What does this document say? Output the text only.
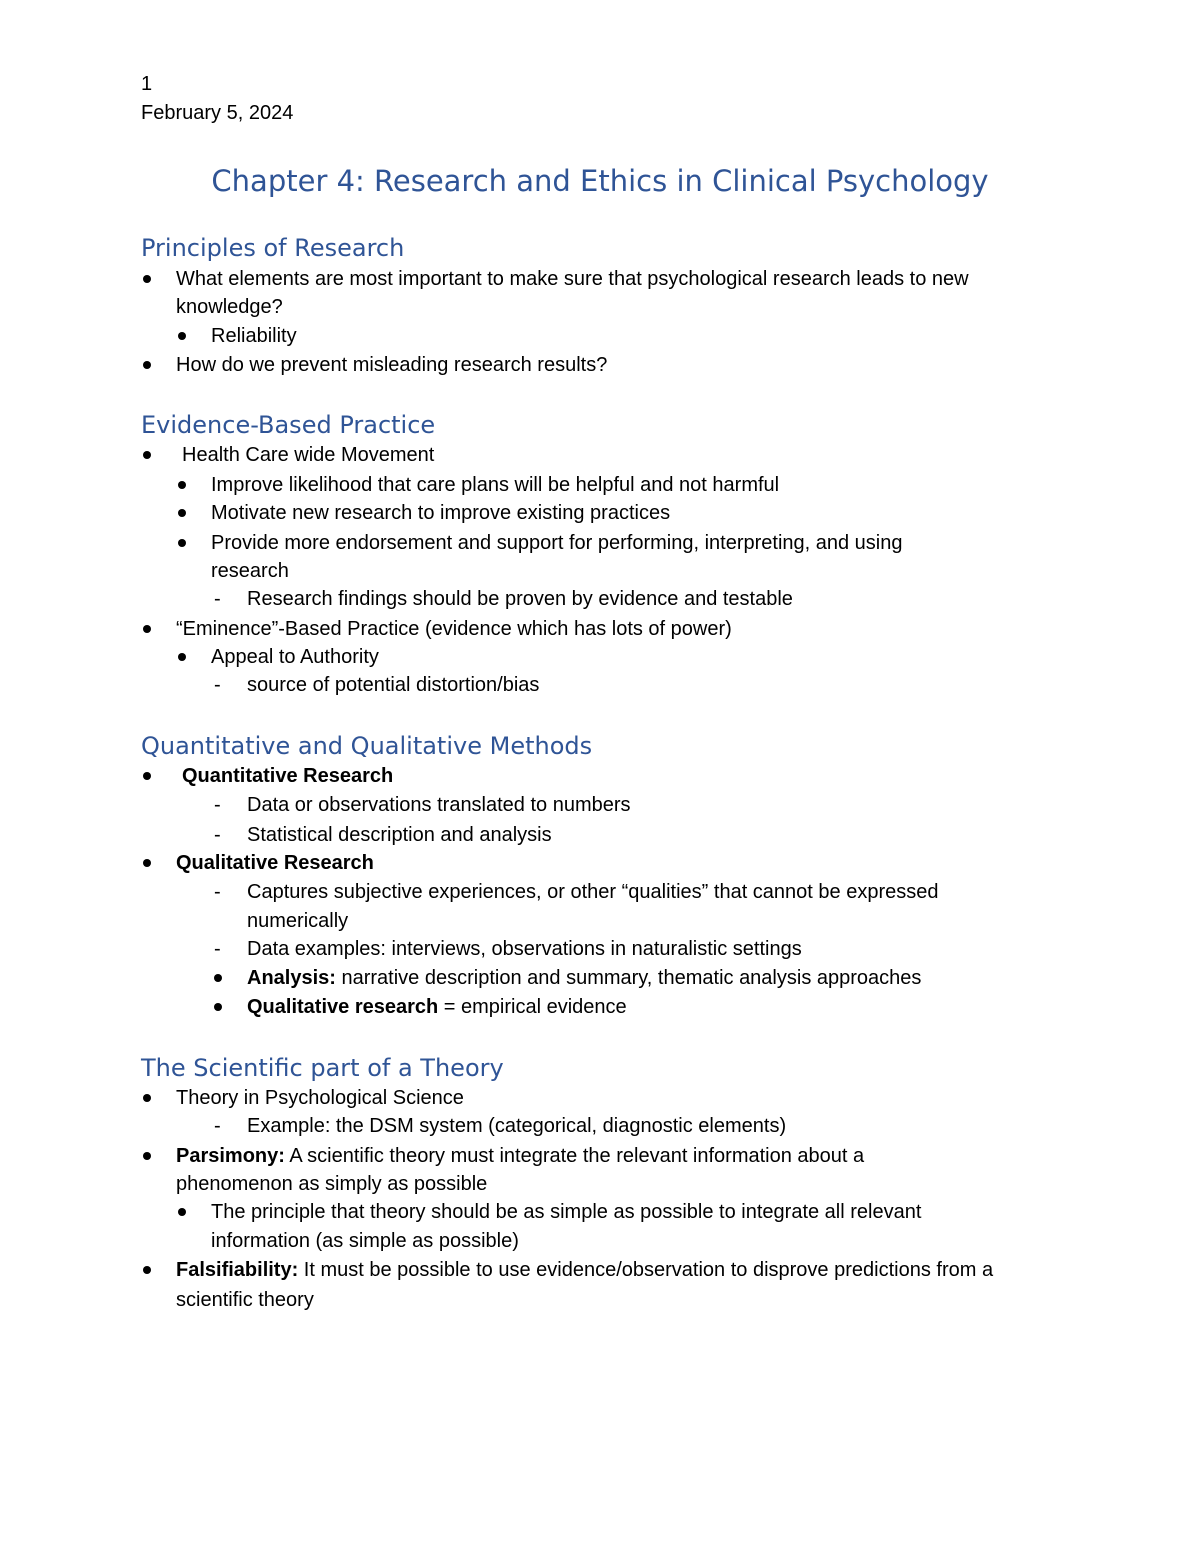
1
February 5, 2024
Chapter 4: Research and Ethics in Clinical Psychology
Principles of Research
What elements are most important to make sure that psychological research leads to new
knowledge?
Reliability
How do we prevent misleading research results?
Evidence-Based Practice
Health Care wide Movement
Improve likelihood that care plans will be helpful and not harmful
Motivate new research to improve existing practices
Provide more endorsement and support for performing, interpreting, and using
research
- Research findings should be proven by evidence and testable
“Eminence”-Based Practice (evidence which has lots of power)
Appeal to Authority
- source of potential distortion/bias
Quantitative and Qualitative Methods
Quantitative Research
- Data or observations translated to numbers
- Statistical description and analysis
Qualitative Research
- Captures subjective experiences, or other “qualities” that cannot be expressed
numerically
- Data examples: interviews, observations in naturalistic settings
Analysis: narrative description and summary, thematic analysis approaches
Qualitative research = empirical evidence
The Scientific part of a Theory
Theory in Psychological Science
- Example: the DSM system (categorical, diagnostic elements)
Parsimony: A scientific theory must integrate the relevant information about a
phenomenon as simply as possible
The principle that theory should be as simple as possible to integrate all relevant
information (as simple as possible)
Falsifiability: It must be possible to use evidence/observation to disprove predictions from a
scientific theory
